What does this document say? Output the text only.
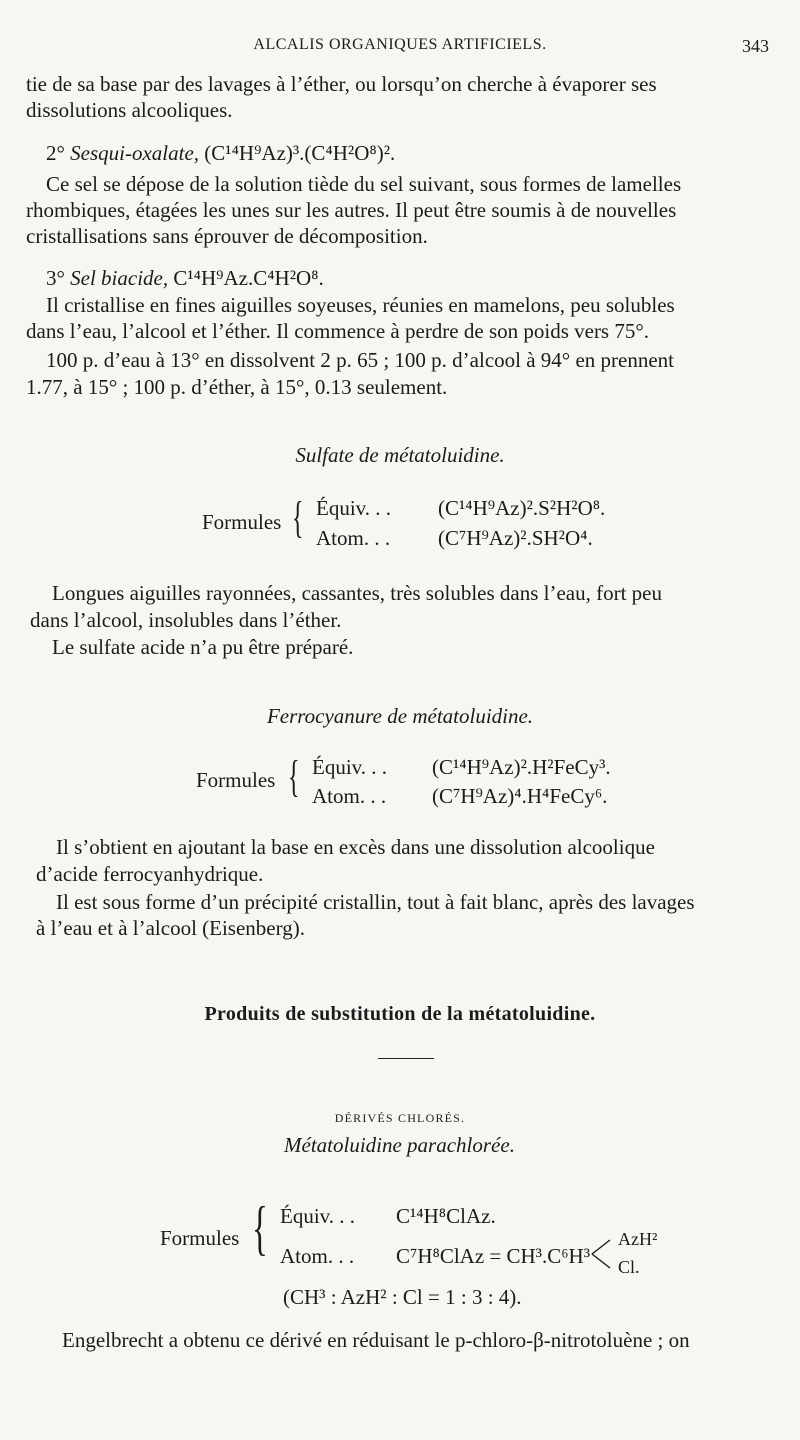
ALCALIS ORGANIQUES ARTIFICIELS.	343
tie de sa base par des lavages à l’éther, ou lorsqu’on cherche à évaporer ses
dissolutions alcooliques.
2° Sesqui-oxalate, (C¹⁴H⁹Az)³.(C⁴H²O⁸)².
Ce sel se dépose de la solution tiède du sel suivant, sous formes de lamelles
rhombiques, étagées les unes sur les autres. Il peut être soumis à de nouvelles
cristallisations sans éprouver de décomposition.
3° Sel biacide, C¹⁴H⁹Az.C⁴H²O⁸.
Il cristallise en fines aiguilles soyeuses, réunies en mamelons, peu solubles
dans l’eau, l’alcool et l’éther. Il commence à perdre de son poids vers 75°.
100 p. d’eau à 13° en dissolvent 2 p. 65 ; 100 p. d’alcool à 94° en prennent
1.77, à 15° ; 100 p. d’éther, à 15°, 0.13 seulement.
Sulfate de métatoluidine.
Formules { Équiv. . . (C¹⁴H⁹Az)².S²H²O⁸.
Atom. . . (C⁷H⁹Az)².SH²O⁴.
Longues aiguilles rayonnées, cassantes, très solubles dans l’eau, fort peu
dans l’alcool, insolubles dans l’éther.
Le sulfate acide n’a pu être préparé.
Ferrocyanure de métatoluidine.
Formules { Équiv. . . (C¹⁴H⁹Az)².H²FeCy³.
Atom. . . (C⁷H⁹Az)⁴.H⁴FeCy⁶.
Il s’obtient en ajoutant la base en excès dans une dissolution alcoolique
d’acide ferrocyanhydrique.
Il est sous forme d’un précipité cristallin, tout à fait blanc, après des lavages
à l’eau et à l’alcool (Eisenberg).
Produits de substitution de la métatoluidine.
DÉRIVÉS CHLORÉS.
Métatoluidine parachlorée.
Formules { Équiv. . . C¹⁴H⁸ClAz.
Atom. . . C⁷H⁸ClAz = CH³.C⁶H³
AzH²
Cl.
(CH³ : AzH² : Cl = 1 : 3 : 4).
Engelbrecht a obtenu ce dérivé en réduisant le p-chloro-β-nitrotoluène ; on
